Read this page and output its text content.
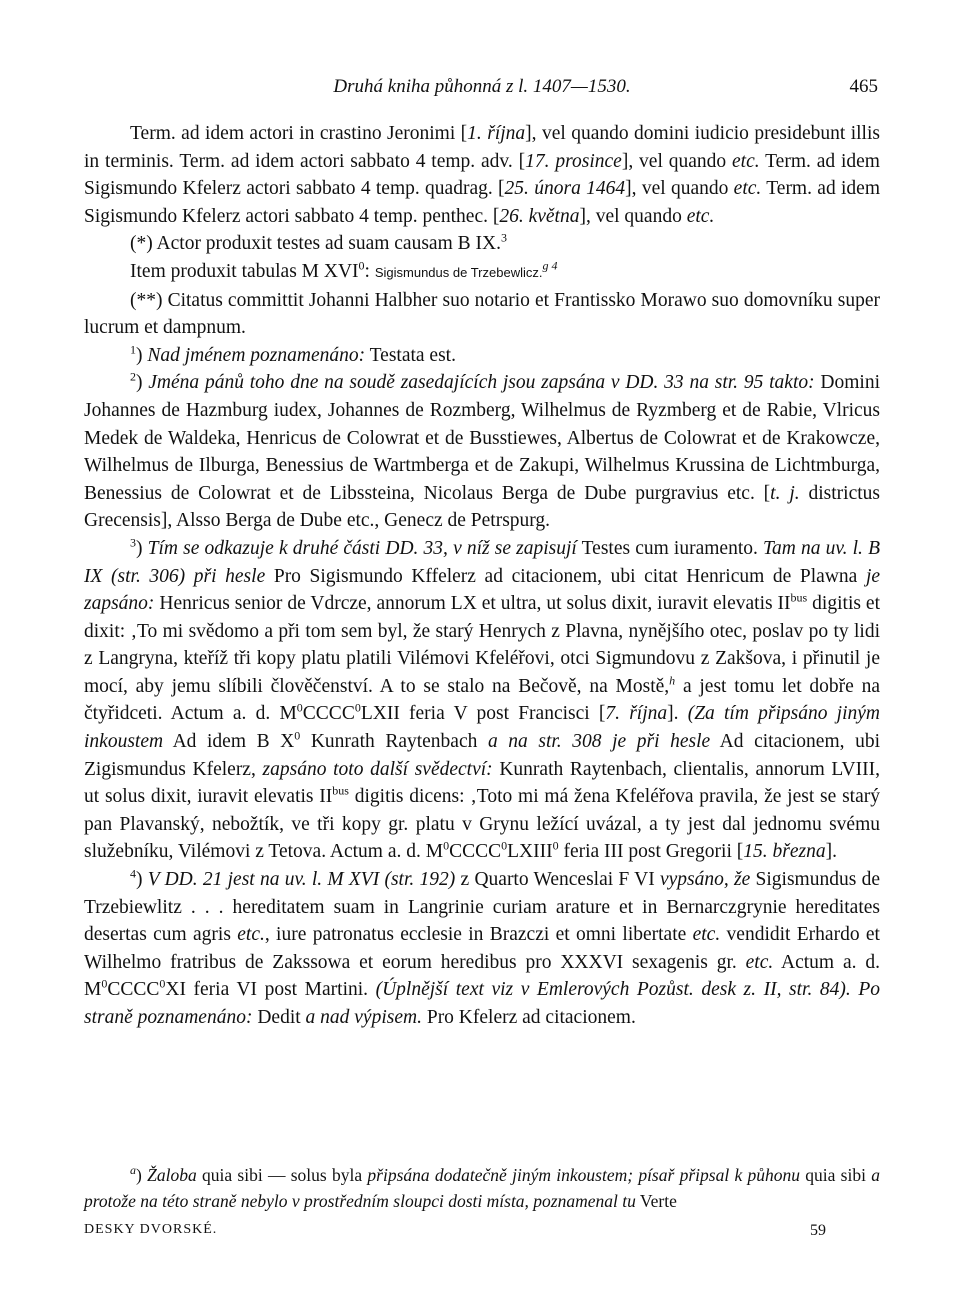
Druhá kniha půhonná z l. 1407—1530.	465

Term. ad idem actori in crastino Jeronimi [1. října], vel quando domini iudicio presidebunt illis in terminis. Term. ad idem actori sabbato 4 temp. adv. [17. prosince], vel quando etc. Term. ad idem Sigismundo Kfelerz actori sabbato 4 temp. quadrag. [25. února 1464], vel quando etc. Term. ad idem Sigismundo Kfelerz actori sabbato 4 temp. penthec. [26. května], vel quando etc.

(*) Actor produxit testes ad suam causam B IX.$^3$

Item produxit tabulas M XVI$^0$: Sigismundus de Trzebewlicz.$^{g 4}$

(**) Citatus committit Johanni Halbher suo notario et Frantissko Morawo suo domovníku super lucrum et dampnum.

$^1$) Nad jménem poznamenáno: Testata est.

$^2$) Jména pánů toho dne na soudě zasedajících jsou zapsána v DD. 33 na str. 95 takto: Domini Johannes de Hazmburg iudex, Johannes de Rozmberg, Wilhelmus de Ryzmberg et de Rabie, Vlricus Medek de Waldeka, Henricus de Colowrat et de Busstiewes, Albertus de Colowrat et de Krakowcze, Wilhelmus de Ilburga, Benessius de Wartmberga et de Zakupi, Wilhelmus Krussina de Lichtmburga, Benessius de Colowrat et de Libssteina, Nicolaus Berga de Dube purgravius etc. [t. j. districtus Grecensis], Alsso Berga de Dube etc., Genecz de Petrspurg.

$^3$) Tím se odkazuje k druhé části DD. 33, v níž se zapisují Testes cum iuramento. Tam na uv. l. B IX (str. 306) při hesle Pro Sigismundo Kffelerz ad citacionem, ubi citat Henricum de Plawna je zapsáno: Henricus senior de Vdrcze, annorum LX et ultra, ut solus dixit, iuravit elevatis $II^{bus}$ digitis et dixit: ‚To mi svědomo a při tom sem byl, že starý Henrych z Plavna, nynějšího otec, poslav po ty lidi z Langryna, kteříž tři kopy platu platili Vilémovi Kfeléřovi, otci Sigmundovu z Zakšova, i přinutil je mocí, aby jemu slíbili člověčenství. A to se stalo na Bečově, na Mostě,$^h$ a jest tomu let dobře na čtyřidceti. Actum a. d. $M^0CCCC^0LXII$ feria V post Francisci [7. října]. (Za tím připsáno jiným inkoustem Ad idem B $X^0$ Kunrath Raytenbach a na str. 308 je při hesle Ad citacionem, ubi Zigismundus Kfelerz, zapsáno toto další svědectví: Kunrath Raytenbach, clientalis, annorum LVIII, ut solus dixit, iuravit elevatis $II^{bus}$ digitis dicens: ‚Toto mi má žena Kfeléřova pravila, že jest se starý pan Plavanský, nebožtík, ve tři kopy gr. platu v Grynu ležící uvázal, a ty jest dal jednomu svému služebníku, Vilémovi z Tetova. Actum a. d. $M^0CCCC^0LXIII^0$ feria III post Gregorii [15. března].

$^4$) V DD. 21 jest na uv. l. M XVI (str. 192) z Quarto Wenceslai F VI vypsáno, že Sigismundus de Trzebiewlitz . . . hereditatem suam in Langrinie curiam arature et in Bernarczgrynie hereditates desertas cum agris etc., iure patronatus ecclesie in Brazczi et omni libertate etc. vendidit Erhardo et Wilhelmo fratribus de Zakssowa et eorum heredibus pro XXXVI sexagenis gr. etc. Actum a. d. $M^0CCCC^0XI$ feria VI post Martini. (Úplnější text viz v Emlerových Pozůst. desk z. II, str. 84). Po straně poznamenáno: Dedit a nad výpisem. Pro Kfelerz ad citacionem.

$^a$) Žaloba quia sibi — solus byla připsána dodatečně jiným inkoustem; písař připsal k půhonu quia sibi a protože na této straně nebylo v prostředním sloupci dosti místa, poznamenal tu Verte

DESKY DVORSKÉ.	59
